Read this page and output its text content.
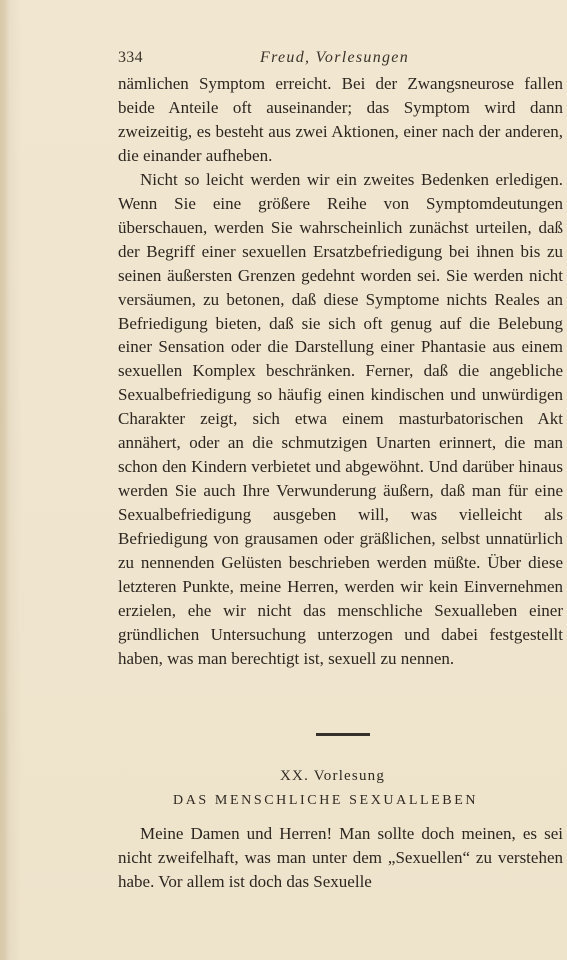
334	Freud, Vorlesungen

nämlichen Symptom erreicht. Bei der Zwangsneurose fallen beide Anteile oft auseinander; das Symptom wird dann zweizeitig, es besteht aus zwei Aktionen, einer nach der anderen, die einander aufheben.

Nicht so leicht werden wir ein zweites Bedenken erledigen. Wenn Sie eine größere Reihe von Symptomdeutungen überschauen, werden Sie wahrscheinlich zunächst urteilen, daß der Begriff einer sexuellen Ersatzbefriedigung bei ihnen bis zu seinen äußersten Grenzen gedehnt worden sei. Sie werden nicht versäumen, zu betonen, daß diese Symptome nichts Reales an Befriedigung bieten, daß sie sich oft genug auf die Belebung einer Sensation oder die Darstellung einer Phantasie aus einem sexuellen Komplex beschränken. Ferner, daß die angebliche Sexualbefriedigung so häufig einen kindischen und unwürdigen Charakter zeigt, sich etwa einem masturbatorischen Akt annähert, oder an die schmutzigen Unarten erinnert, die man schon den Kindern verbietet und abgewöhnt. Und darüber hinaus werden Sie auch Ihre Verwunderung äußern, daß man für eine Sexualbefriedigung ausgeben will, was vielleicht als Befriedigung von grausamen oder gräßlichen, selbst unnatürlich zu nennenden Gelüsten beschrieben werden müßte. Über diese letzteren Punkte, meine Herren, werden wir kein Einvernehmen erzielen, ehe wir nicht das menschliche Sexualleben einer gründlichen Untersuchung unterzogen und dabei festgestellt haben, was man berechtigt ist, sexuell zu nennen.

XX. Vorlesung
DAS MENSCHLICHE SEXUALLEBEN

Meine Damen und Herren! Man sollte doch meinen, es sei nicht zweifelhaft, was man unter dem „Sexuellen“ zu verstehen habe. Vor allem ist doch das Sexuelle
